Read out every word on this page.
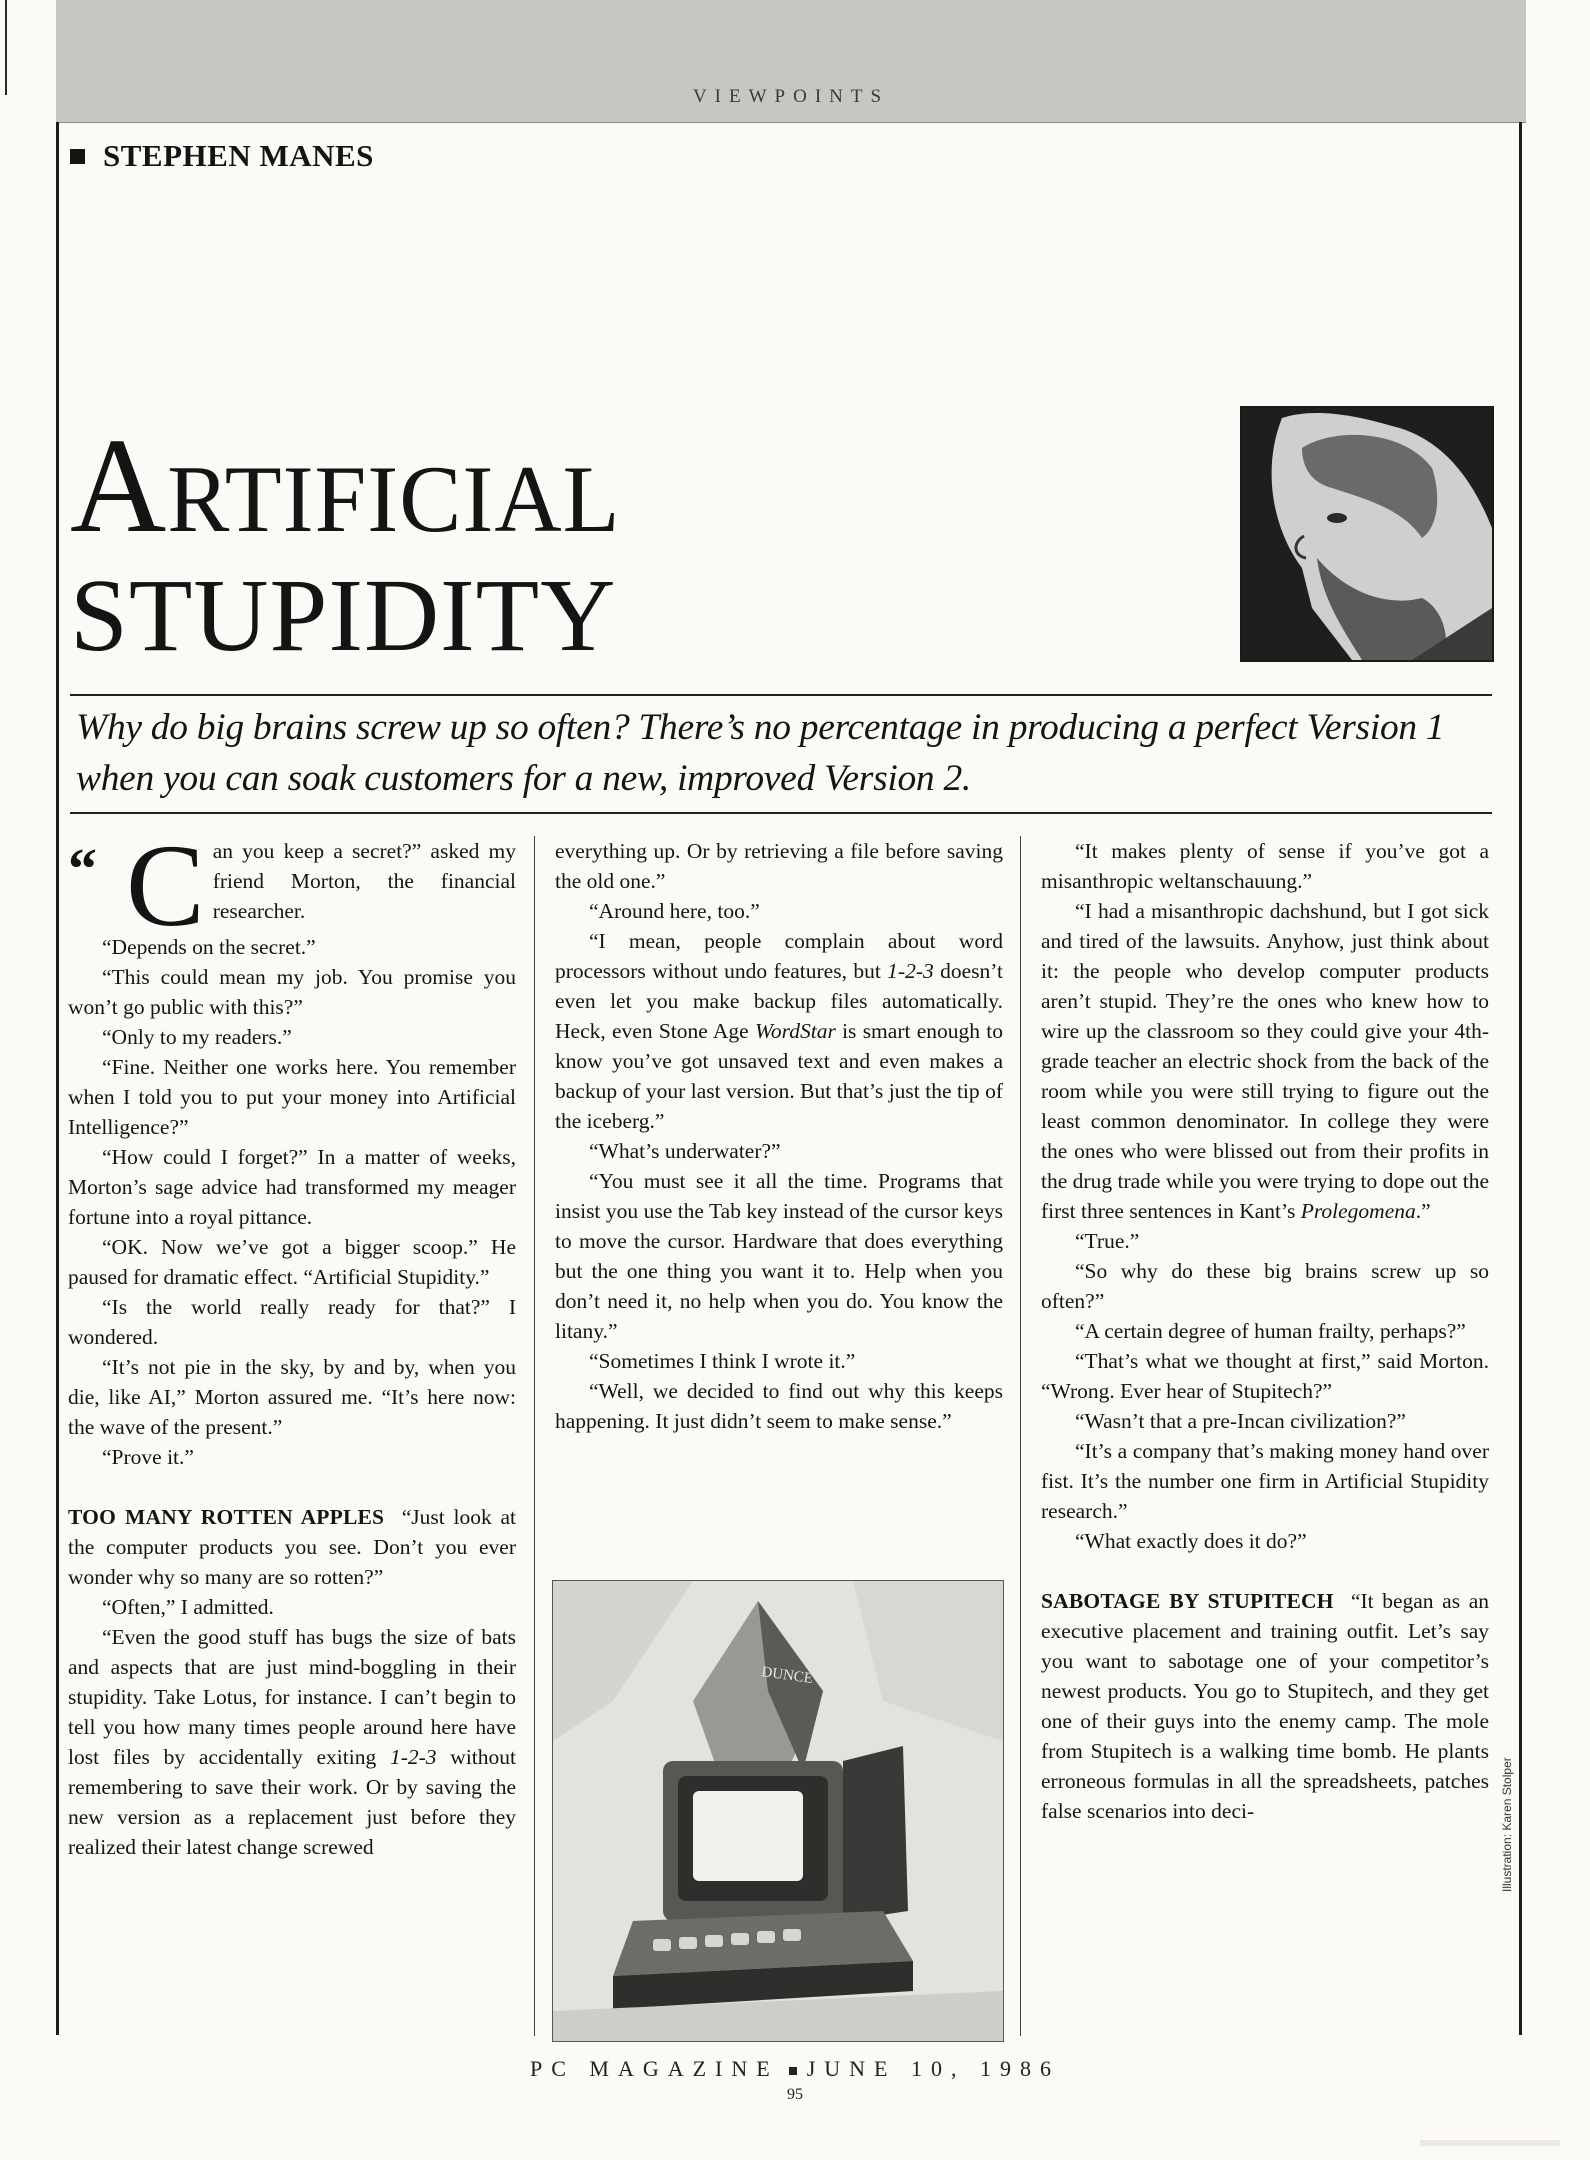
VIEWPOINTS
STEPHEN MANES
Artificial
STUPIDITY
Why do big brains screw up so often? There’s no percentage in producing a perfect Version 1 when you can soak customers for a new, improved Version 2.
“ C an you keep a secret?” asked my friend Morton, the financial researcher.

“Depends on the secret.”

“This could mean my job. You promise you won’t go public with this?”

“Only to my readers.”

“Fine. Neither one works here. You remember when I told you to put your money into Artificial Intelligence?”

“How could I forget?” In a matter of weeks, Morton’s sage advice had transformed my meager fortune into a royal pittance.

“OK. Now we’ve got a bigger scoop.” He paused for dramatic effect. “Artificial Stupidity.”

“Is the world really ready for that?” I wondered.

“It’s not pie in the sky, by and by, when you die, like AI,” Morton assured me. “It’s here now: the wave of the present.”

“Prove it.”

TOO MANY ROTTEN APPLES “Just look at the computer products you see. Don’t you ever wonder why so many are so rotten?”

“Often,” I admitted.

“Even the good stuff has bugs the size of bats and aspects that are just mind-boggling in their stupidity. Take Lotus, for instance. I can’t begin to tell you how many times people around here have lost files by accidentally exiting 1-2-3 without remembering to save their work. Or by saving the new version as a replacement just before they realized their latest change screwed

everything up. Or by retrieving a file before saving the old one.”

“Around here, too.”

“I mean, people complain about word processors without undo features, but 1-2-3 doesn’t even let you make backup files automatically. Heck, even Stone Age WordStar is smart enough to know you’ve got unsaved text and even makes a backup of your last version. But that’s just the tip of the iceberg.”

“What’s underwater?”

“You must see it all the time. Programs that insist you use the Tab key instead of the cursor keys to move the cursor. Hardware that does everything but the one thing you want it to. Help when you don’t need it, no help when you do. You know the litany.”

“Sometimes I think I wrote it.”

“Well, we decided to find out why this keeps happening. It just didn’t seem to make sense.”

DUNCE

“It makes plenty of sense if you’ve got a misanthropic weltanschauung.”

“I had a misanthropic dachshund, but I got sick and tired of the lawsuits. Anyhow, just think about it: the people who develop computer products aren’t stupid. They’re the ones who knew how to wire up the classroom so they could give your 4th-grade teacher an electric shock from the back of the room while you were still trying to figure out the least common denominator. In college they were the ones who were blissed out from their profits in the drug trade while you were trying to dope out the first three sentences in Kant’s Prolegomena.”

“True.”

“So why do these big brains screw up so often?”

“A certain degree of human frailty, perhaps?”

“That’s what we thought at first,” said Morton. “Wrong. Ever hear of Stupitech?”

“Wasn’t that a pre-Incan civilization?”

“It’s a company that’s making money hand over fist. It’s the number one firm in Artificial Stupidity research.”

“What exactly does it do?”

SABOTAGE BY STUPITECH “It began as an executive placement and training outfit. Let’s say you want to sabotage one of your competitor’s newest products. You go to Stupitech, and they get one of their guys into the enemy camp. The mole from Stupitech is a walking time bomb. He plants erroneous formulas in all the spreadsheets, patches false scenarios into deci-	Illustration: Karen Stolper
PC MAGAZINE JUNE 10, 1986
95
